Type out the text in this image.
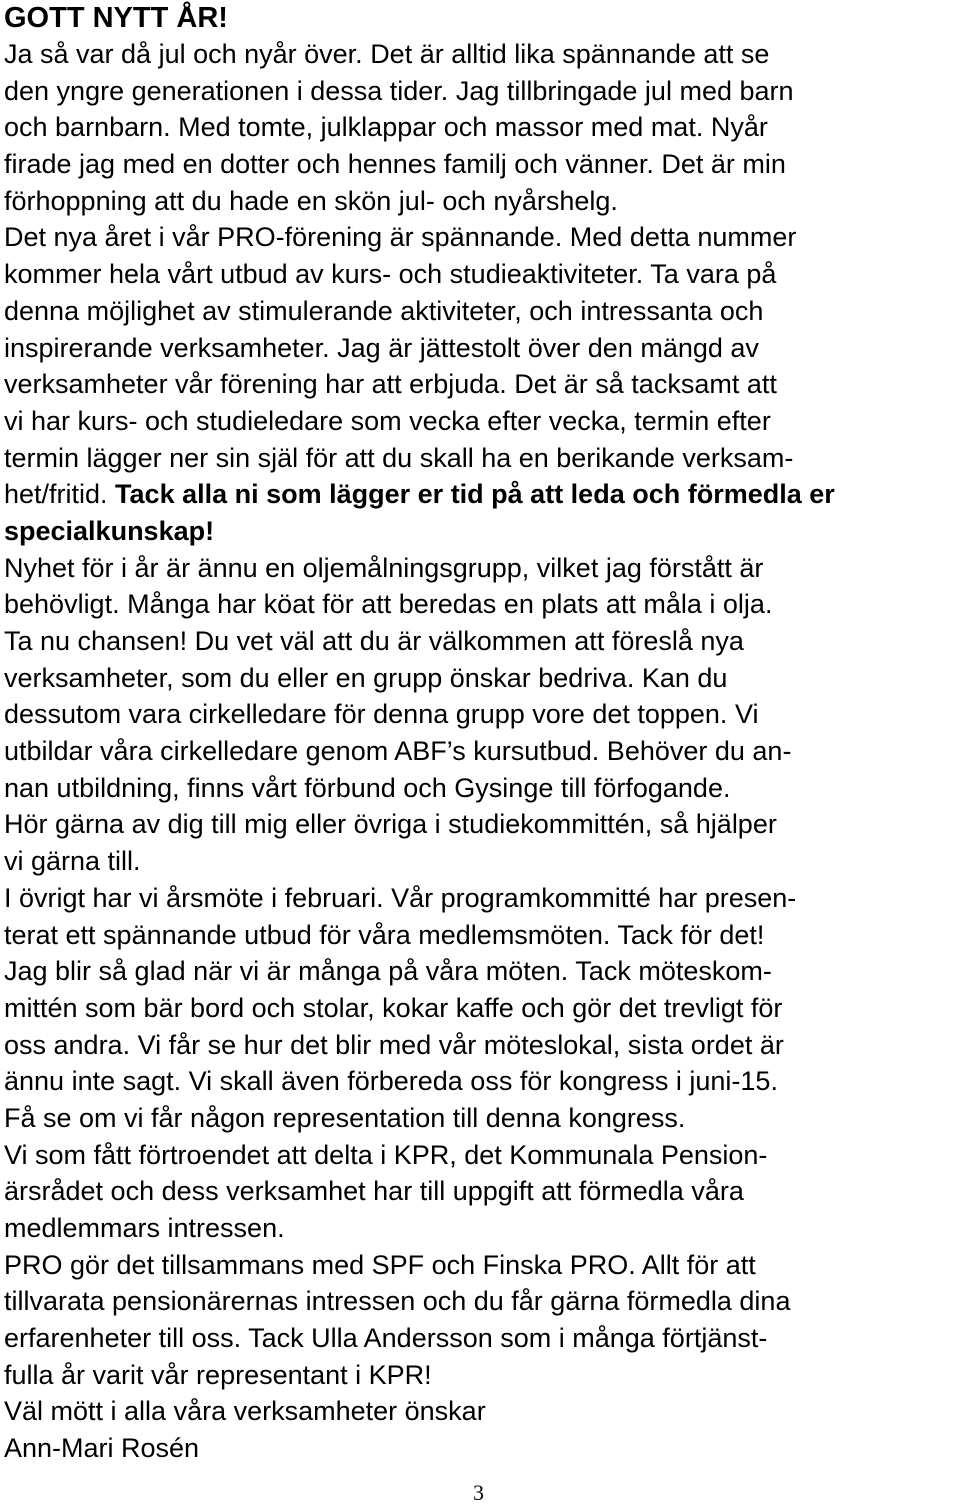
GOTT NYTT ÅR!
Ja så var då jul och nyår över. Det är alltid lika spännande att se
den yngre generationen i dessa tider. Jag tillbringade jul med barn
och barnbarn. Med tomte, julklappar och massor med mat. Nyår
firade jag med en dotter och hennes familj och vänner. Det är min
förhoppning att du hade en skön jul- och nyårshelg.
Det nya året i vår PRO-förening är spännande. Med detta nummer
kommer hela vårt utbud av kurs- och studieaktiviteter. Ta vara på
denna möjlighet av stimulerande aktiviteter, och intressanta och
inspirerande verksamheter. Jag är jättestolt över den mängd av
verksamheter vår förening har att erbjuda. Det är så tacksamt att
vi har kurs- och studieledare som vecka efter vecka, termin efter
termin lägger ner sin själ för att du skall ha en berikande verksam-
het/fritid. Tack alla ni som lägger er tid på att leda och förmedla er
specialkunskap!
Nyhet för i år är ännu en oljemålningsgrupp, vilket jag förstått är
behövligt. Många har köat för att beredas en plats att måla i olja.
Ta nu chansen! Du vet väl att du är välkommen att föreslå nya
verksamheter, som du eller en grupp önskar bedriva. Kan du
dessutom vara cirkelledare för denna grupp vore det toppen. Vi
utbildar våra cirkelledare genom ABF’s kursutbud. Behöver du an-
nan utbildning, finns vårt förbund och Gysinge till förfogande.
Hör gärna av dig till mig eller övriga i studiekommittén, så hjälper
vi gärna till.
I övrigt har vi årsmöte i februari. Vår programkommitté har presen-
terat ett spännande utbud för våra medlemsmöten. Tack för det!
Jag blir så glad när vi är många på våra möten. Tack möteskom-
mittén som bär bord och stolar, kokar kaffe och gör det trevligt för
oss andra. Vi får se hur det blir med vår möteslokal, sista ordet är
ännu inte sagt. Vi skall även förbereda oss för kongress i juni-15.
Få se om vi får någon representation till denna kongress.
Vi som fått förtroendet att delta i KPR, det Kommunala Pension-
ärsrådet och dess verksamhet har till uppgift att förmedla våra
medlemmars intressen.
PRO gör det tillsammans med SPF och Finska PRO. Allt för att
tillvarata pensionärernas intressen och du får gärna förmedla dina
erfarenheter till oss. Tack Ulla Andersson som i många förtjänst-
fulla år varit vår representant i KPR!
Väl mött i alla våra verksamheter önskar
Ann-Mari Rosén
3
